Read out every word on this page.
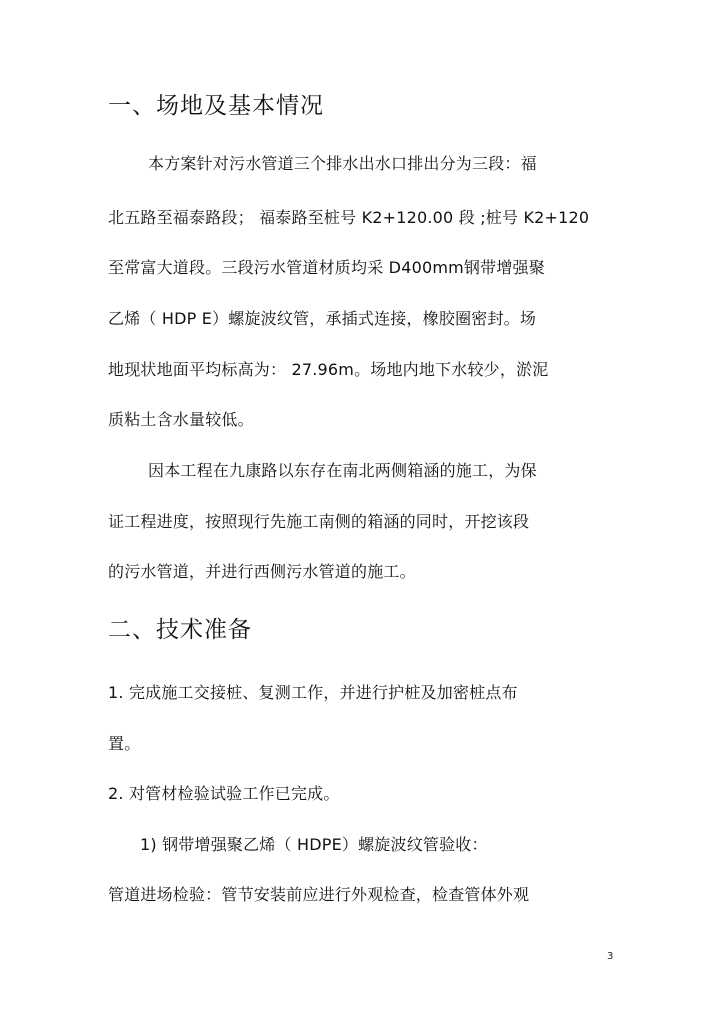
一、场地及基本情况
本方案针对污水管道三个排水出水口排出分为三段：福
北五路至福泰路段； 福泰路至桩号 K2+120.00 段 ;桩号 K2+120
至常富大道段。三段污水管道材质均采 D400mm钢带增强聚
乙烯（ HDP E）螺旋波纹管，承插式连接，橡胶圈密封。场
地现状地面平均标高为： 27.96m。场地内地下水较少，淤泥
质粘土含水量较低。
因本工程在九康路以东存在南北两侧箱涵的施工，为保
证工程进度，按照现行先施工南侧的箱涵的同时，开挖该段
的污水管道，并进行西侧污水管道的施工。
二、技术准备
1. 完成施工交接桩、复测工作，并进行护桩及加密桩点布
置。
2. 对管材检验试验工作已完成。
1) 钢带增强聚乙烯（ HDPE）螺旋波纹管验收：
管道进场检验：管节安装前应进行外观检查，检查管体外观
3
